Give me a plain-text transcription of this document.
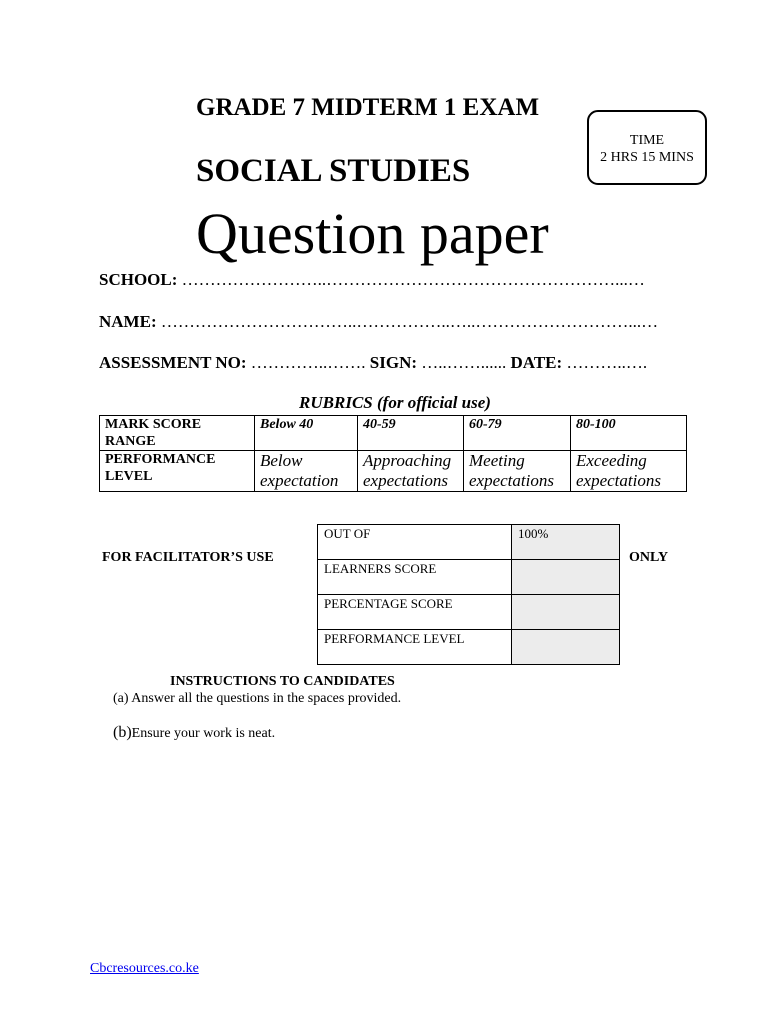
GRADE 7 MIDTERM 1 EXAM
SOCIAL STUDIES
Question paper
TIME
2 HRS 15 MINS
SCHOOL: ……………………..……………………………………………...…
NAME: ……………………………..……………..…..………………………...…
ASSESSMENT NO: …………..……. SIGN: …..……...... DATE: ………..….
RUBRICS (for official use)
MARK SCORE RANGE	Below 40	40-59	60-79	80-100
PERFORMANCE LEVEL	Below expectation	Approaching expectations	Meeting expectations	Exceeding expectations
FOR FACILITATOR’S USE	ONLY
OUT OF	100%
LEARNERS SCORE	
PERCENTAGE SCORE	
PERFORMANCE LEVEL	
INSTRUCTIONS TO CANDIDATES
(a) Answer all the questions in the spaces provided.
(b)Ensure your work is neat.
Cbcresources.co.ke
